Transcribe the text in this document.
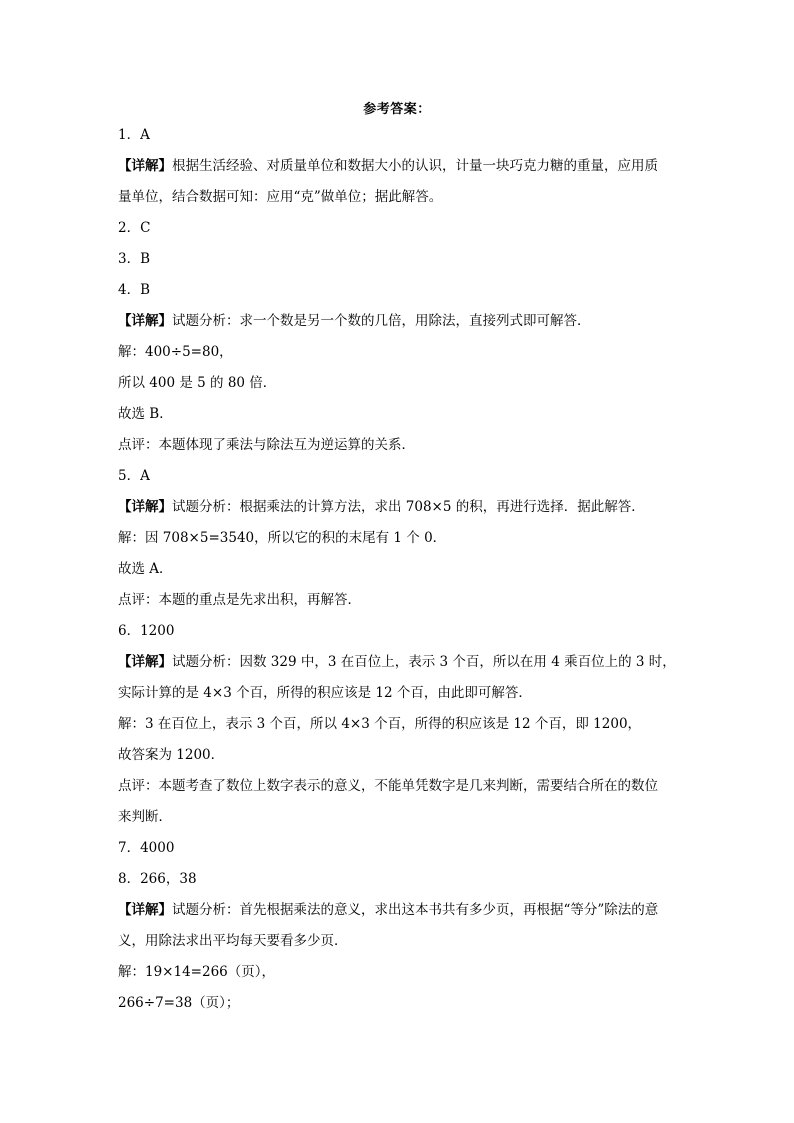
参考答案：
1．A
【详解】根据生活经验、对质量单位和数据大小的认识，计量一块巧克力糖的重量，应用质
量单位，结合数据可知：应用“克”做单位；据此解答。
2．C
3．B
4．B
【详解】试题分析：求一个数是另一个数的几倍，用除法，直接列式即可解答．
解：400÷5=80，
所以 400 是 5 的 80 倍．
故选 B．
点评：本题体现了乘法与除法互为逆运算的关系．
5．A
【详解】试题分析：根据乘法的计算方法，求出 708×5 的积，再进行选择．据此解答．
解：因 708×5=3540，所以它的积的末尾有 1 个 0．
故选 A．
点评：本题的重点是先求出积，再解答．
6．1200
【详解】试题分析：因数 329 中，3 在百位上，表示 3 个百，所以在用 4 乘百位上的 3 时，
实际计算的是 4×3 个百，所得的积应该是 12 个百，由此即可解答．
解：3 在百位上，表示 3 个百，所以 4×3 个百，所得的积应该是 12 个百，即 1200，
故答案为 1200．
点评：本题考查了数位上数字表示的意义，不能单凭数字是几来判断，需要结合所在的数位
来判断．
7．4000
8．266，38
【详解】试题分析：首先根据乘法的意义，求出这本书共有多少页，再根据“等分”除法的意
义，用除法求出平均每天要看多少页．
解：19×14=266（页），
266÷7=38（页）；
